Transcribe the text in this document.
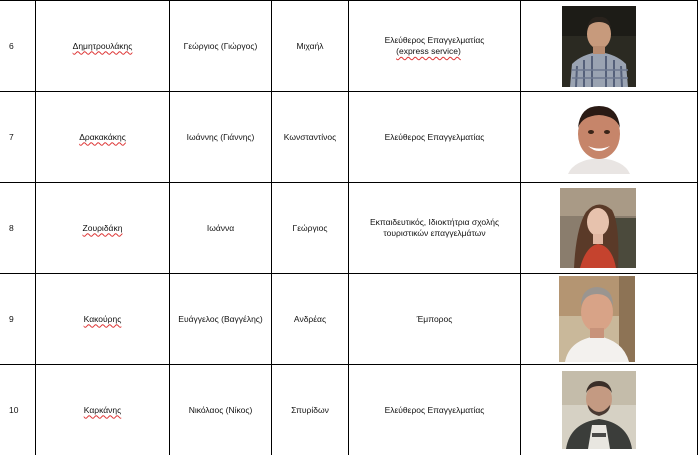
6	Δημητρουλάκης	Γεώργιος (Γιώργος)	Μιχαήλ	Ελεύθερος Επαγγελματίας
(express service)

7	Δρακακάκης	Ιωάννης (Γιάννης)	Κωνσταντίνος	Ελεύθερος Επαγγελματίας

8	Ζουριδάκη	Ιωάννα	Γεώργιος	Εκπαιδευτικός, Ιδιοκτήτρια σχολής
τουριστικών επαγγελμάτων

9	Κακούρης	Ευάγγελος (Βαγγέλης)	Ανδρέας	Έμπορος

10	Καρκάνης	Νικόλαος (Νίκος)	Σπυρίδων	Ελεύθερος Επαγγελματίας
